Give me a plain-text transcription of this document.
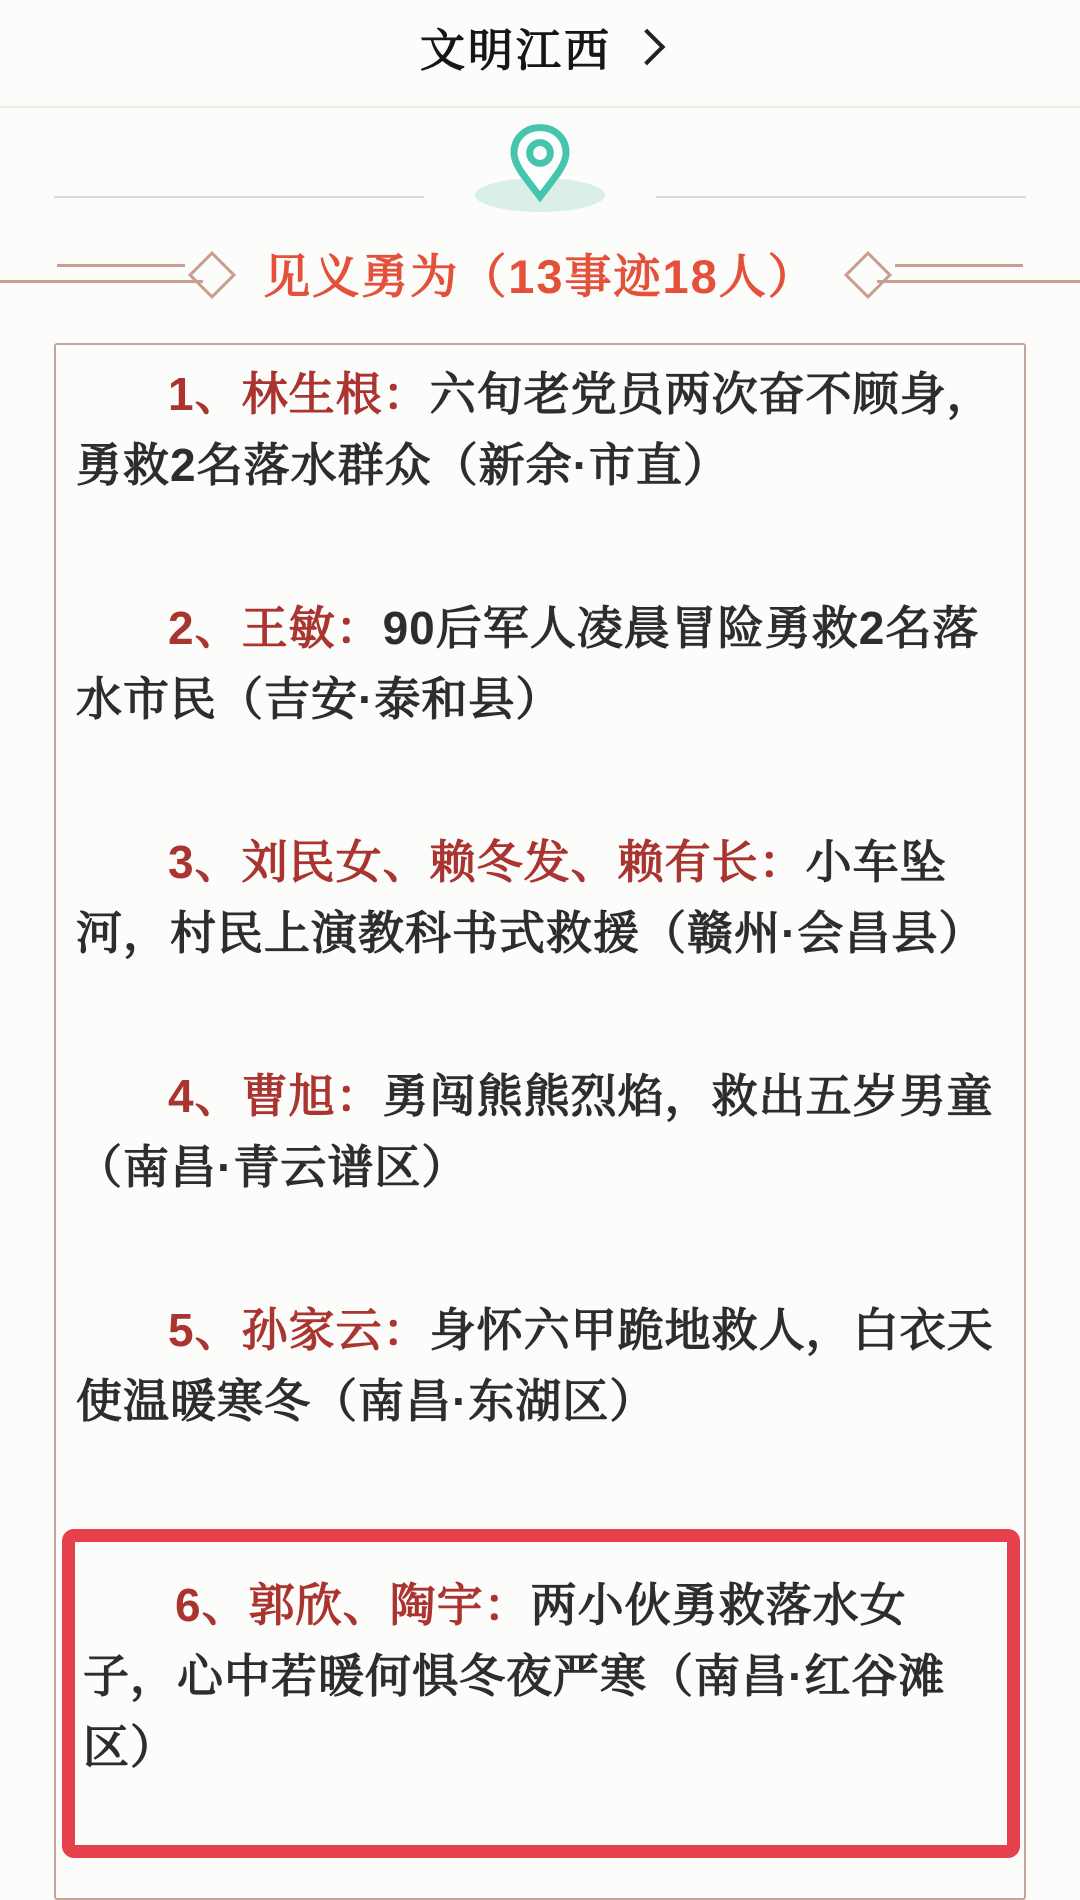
文明江西
见义勇为（13事迹18人）

1、林生根：六旬老党员两次奋不顾身，勇救2名落水群众（新余·市直）

2、王敏：90后军人凌晨冒险勇救2名落水市民（吉安·泰和县）

3、刘民女、赖冬发、赖有长：小车坠河，村民上演教科书式救援（赣州·会昌县）

4、曹旭：勇闯熊熊烈焰，救出五岁男童（南昌·青云谱区）

5、孙家云：身怀六甲跪地救人，白衣天使温暖寒冬（南昌·东湖区）

6、郭欣、陶宇：两小伙勇救落水女子，心中若暖何惧冬夜严寒（南昌·红谷滩区）
